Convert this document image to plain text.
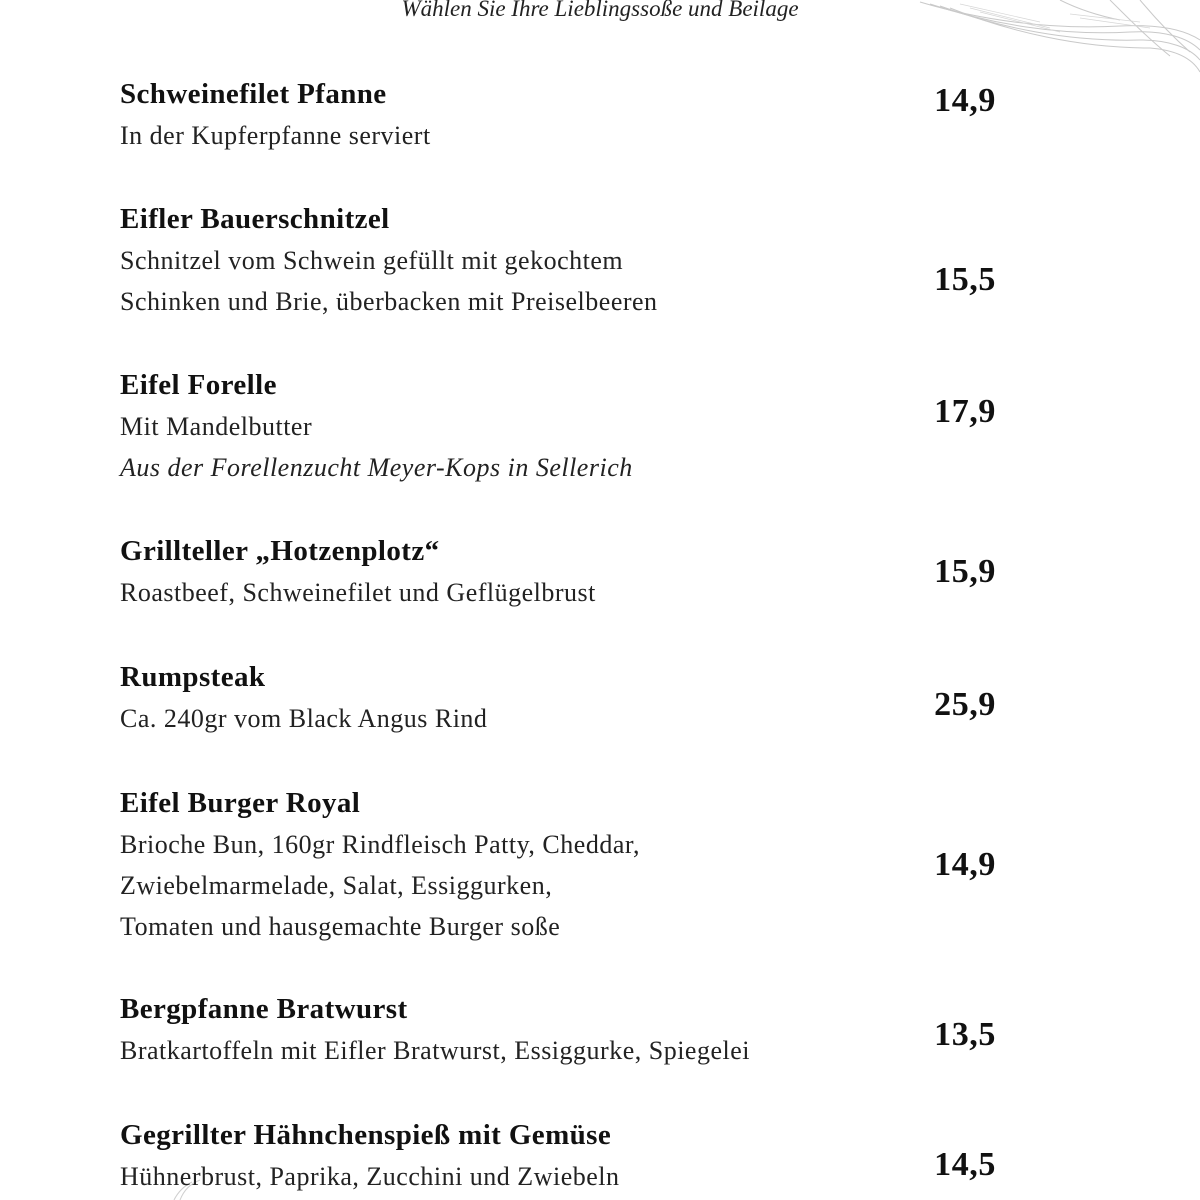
Wählen Sie Ihre Lieblingssoße und Beilage
Schweinefilet Pfanne
In der Kupferpfanne serviert
14,9
Eifler Bauerschnitzel
Schnitzel vom Schwein gefüllt mit gekochtem
Schinken und Brie, überbacken mit Preiselbeeren
15,5
Eifel Forelle
Mit Mandelbutter
Aus der Forellenzucht Meyer-Kops in Sellerich
17,9
Grillteller „Hotzenplotz“
Roastbeef, Schweinefilet und Geflügelbrust
15,9
Rumpsteak
Ca. 240gr vom Black Angus Rind	25,9
Eifel Burger Royal
Brioche Bun, 160gr Rindfleisch Patty, Cheddar,
Zwiebelmarmelade, Salat, Essiggurken,
Tomaten und hausgemachte Burger soße
14,9
Bergpfanne Bratwurst
Bratkartoffeln mit Eifler Bratwurst, Essiggurke, Spiegelei	13,5
Gegrillter Hähnchenspieß mit Gemüse
Hühnerbrust, Paprika, Zucchini und Zwiebeln	14,5
